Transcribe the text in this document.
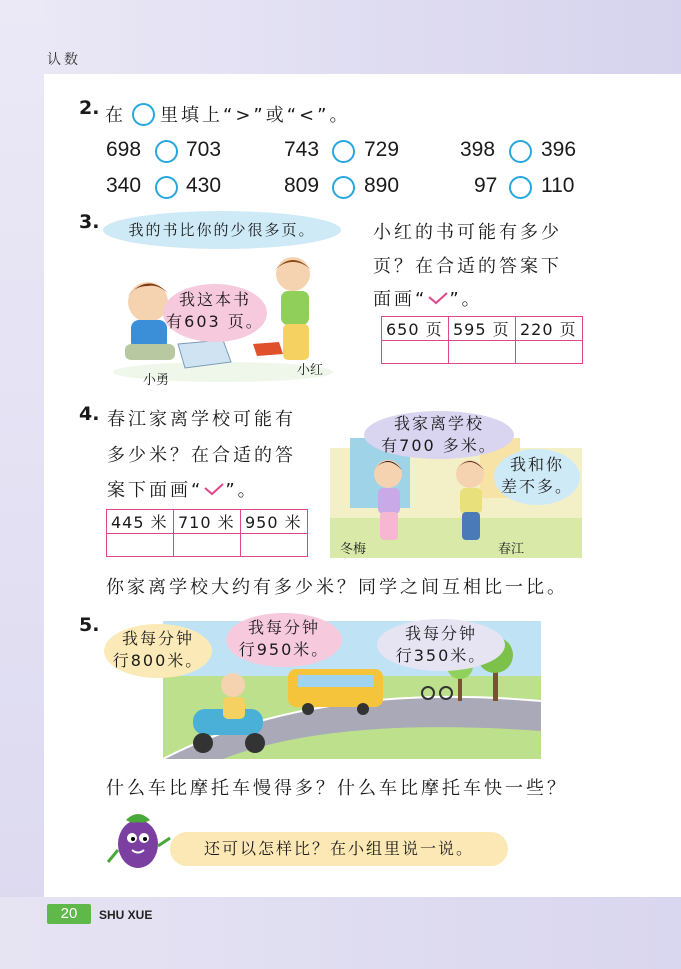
认数
2. 在 里填上“>”或“<”。
698 703	743 729	398 396
340 430	809 890	97 110
3.	我的书比你的少很多页。
我这本书
有603 页。
小勇
小红
小红的书可能有多少
页？在合适的答案下
面画“ ”。
650 页	595 页	220 页

4. 春江家离学校可能有
多少米？在合适的答
案下面画“ ”。
445 米	710 米	950 米

我家离学校
有700 多米。
我和你
差不多。
冬梅	春江
你家离学校大约有多少米？同学之间互相比一比。
5.
我每分钟
行800米。
我每分钟
行950米。
我每分钟
行350米。
什么车比摩托车慢得多？什么车比摩托车快一些？
还可以怎样比？在小组里说一说。
20	SHU XUE
